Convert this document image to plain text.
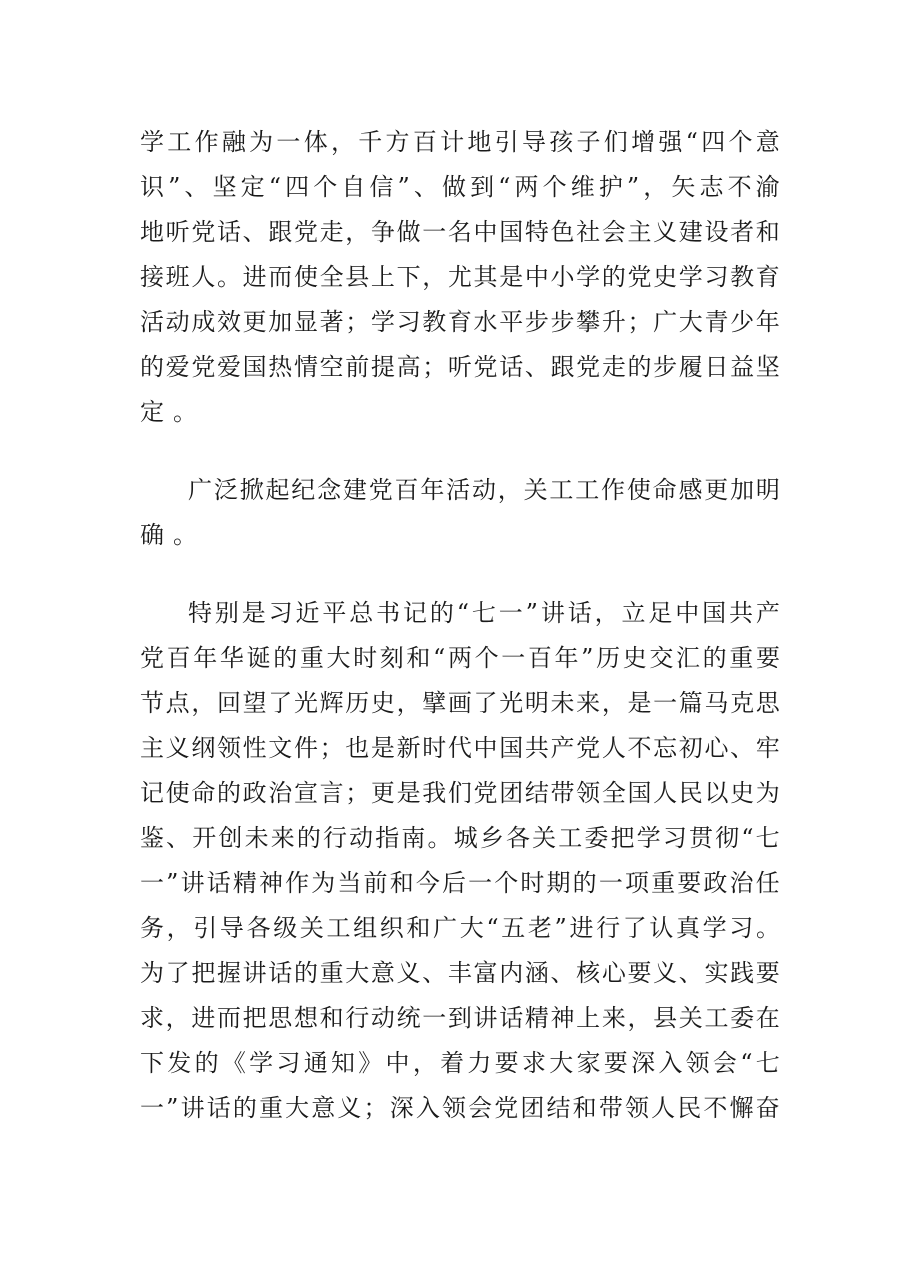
学 工 作 融 为 一 体 ， 千 方 百 计 地 引 导 孩 子 们 增 强 “ 四 个 意
识 ” 、 坚 定 “ 四 个 自 信 ” 、 做 到 “ 两 个 维 护 ” ， 矢 志 不 渝
地 听 党 话 、 跟 党 走 ， 争 做 一 名 中 国 特 色 社 会 主 义 建 设 者 和
接 班 人 。 进 而 使 全 县 上 下 ， 尤 其 是 中 小 学 的 党 史 学 习 教 育
活 动 成 效 更 加 显 著 ； 学 习 教 育 水 平 步 步 攀 升 ； 广 大 青 少 年
的 爱 党 爱 国 热 情 空 前 提 高 ； 听 党 话 、 跟 党 走 的 步 履 日 益 坚
定。
广 泛 掀 起 纪 念 建 党 百 年 活 动 ， 关 工 工 作 使 命 感 更 加 明
确。
特 别 是 习 近 平 总 书 记 的 “ 七 一 ” 讲 话 ， 立 足 中 国 共 产
党 百 年 华 诞 的 重 大 时 刻 和 “ 两 个 一 百 年 ” 历 史 交 汇 的 重 要
节 点 ， 回 望 了 光 辉 历 史 ， 擘 画 了 光 明 未 来 ， 是 一 篇 马 克 思
主 义 纲 领 性 文 件 ； 也 是 新 时 代 中 国 共 产 党 人 不 忘 初 心 、 牢
记 使 命 的 政 治 宣 言 ； 更 是 我 们 党 团 结 带 领 全 国 人 民 以 史 为
鉴 、 开 创 未 来 的 行 动 指 南 。 城 乡 各 关 工 委 把 学 习 贯 彻 “ 七
一 ” 讲 话 精 神 作 为 当 前 和 今 后 一 个 时 期 的 一 项 重 要 政 治 任
务 ， 引 导 各 级 关 工 组 织 和 广 大 “ 五 老 ” 进 行 了 认 真 学 习 。
为 了 把 握 讲 话 的 重 大 意 义 、 丰 富 内 涵 、 核 心 要 义 、 实 践 要
求 ， 进 而 把 思 想 和 行 动 统 一 到 讲 话 精 神 上 来 ， 县 关 工 委 在
下 发 的 《 学 习 通 知 》 中 ， 着 力 要 求 大 家 要 深 入 领 会 “ 七
一 ” 讲 话 的 重 大 意 义 ； 深 入 领 会 党 团 结 和 带 领 人 民 不 懈 奋
